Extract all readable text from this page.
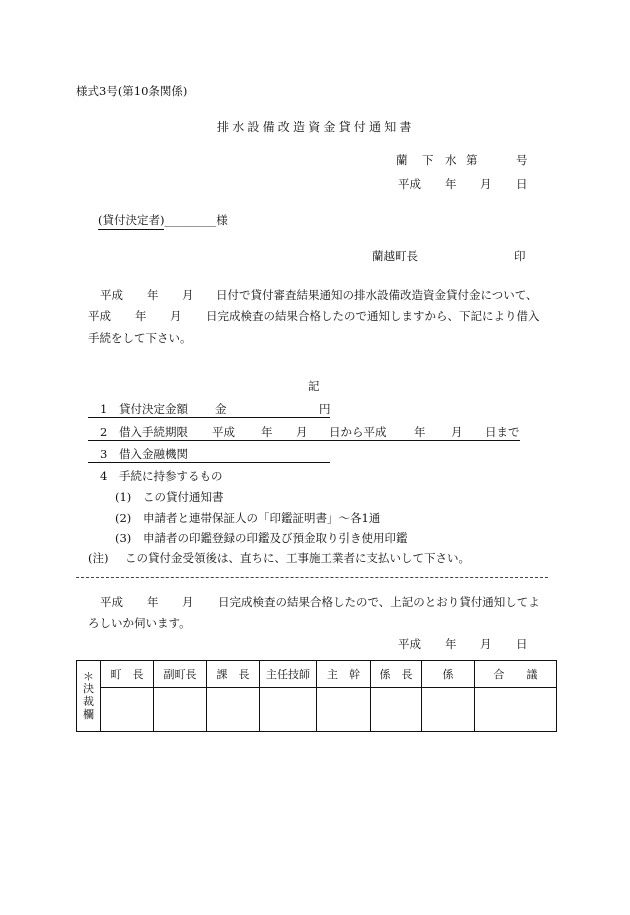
様式3号(第10条関係)
排水設備改造資金貸付通知書
蘭 下 水 第	号
平成 年 月 日
(貸付決定者)_________様
蘭越町長	印
平成 年 月 日付で貸付審査結果通知の排水設備改造資金貸付金について、
平成 年 月 日完成検査の結果合格したので通知しますから、下記により借入
手続をして下さい。
記
1 貸付決定金額 金	円
2 借入手続期限 平成 年 月 日から平成 年 月 日まで
3 借入金融機関
4 手続に持参するもの
(1) この貸付通知書
(2) 申請者と連帯保証人の「印鑑証明書」～各1通
(3) 申請者の印鑑登録の印鑑及び預金取り引き使用印鑑
(注) この貸付金受領後は、直ちに、工事施工業者に支払いして下さい。
平成 年 月 日完成検査の結果合格したので、上記のとおり貸付通知してよ
ろしいか伺います。
平成 年 月 日
＊
決
裁
欄	町　長	副町長	課　長	主任技師	主　幹	係　長	係	合　　議
